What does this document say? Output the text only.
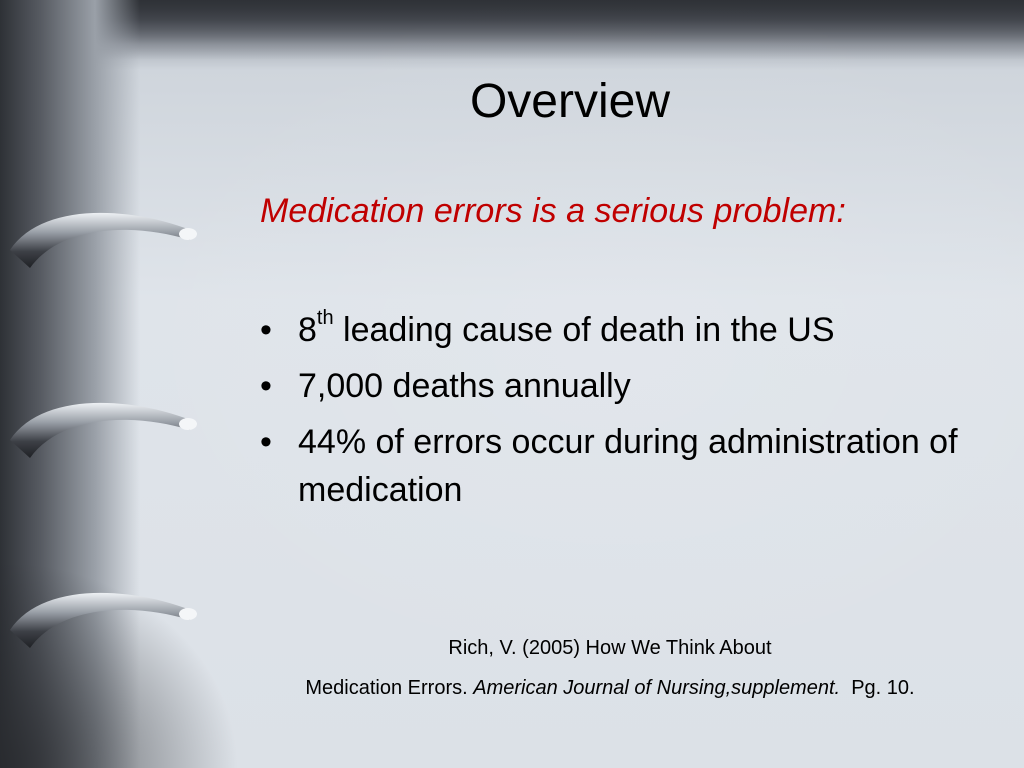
Overview

Medication errors is a serious problem:

• 8th leading cause of death in the US
• 7,000 deaths annually
• 44% of errors occur during administration of medication

Rich, V. (2005) How We Think About

Medication Errors. American Journal of Nursing,supplement.  Pg. 10.
